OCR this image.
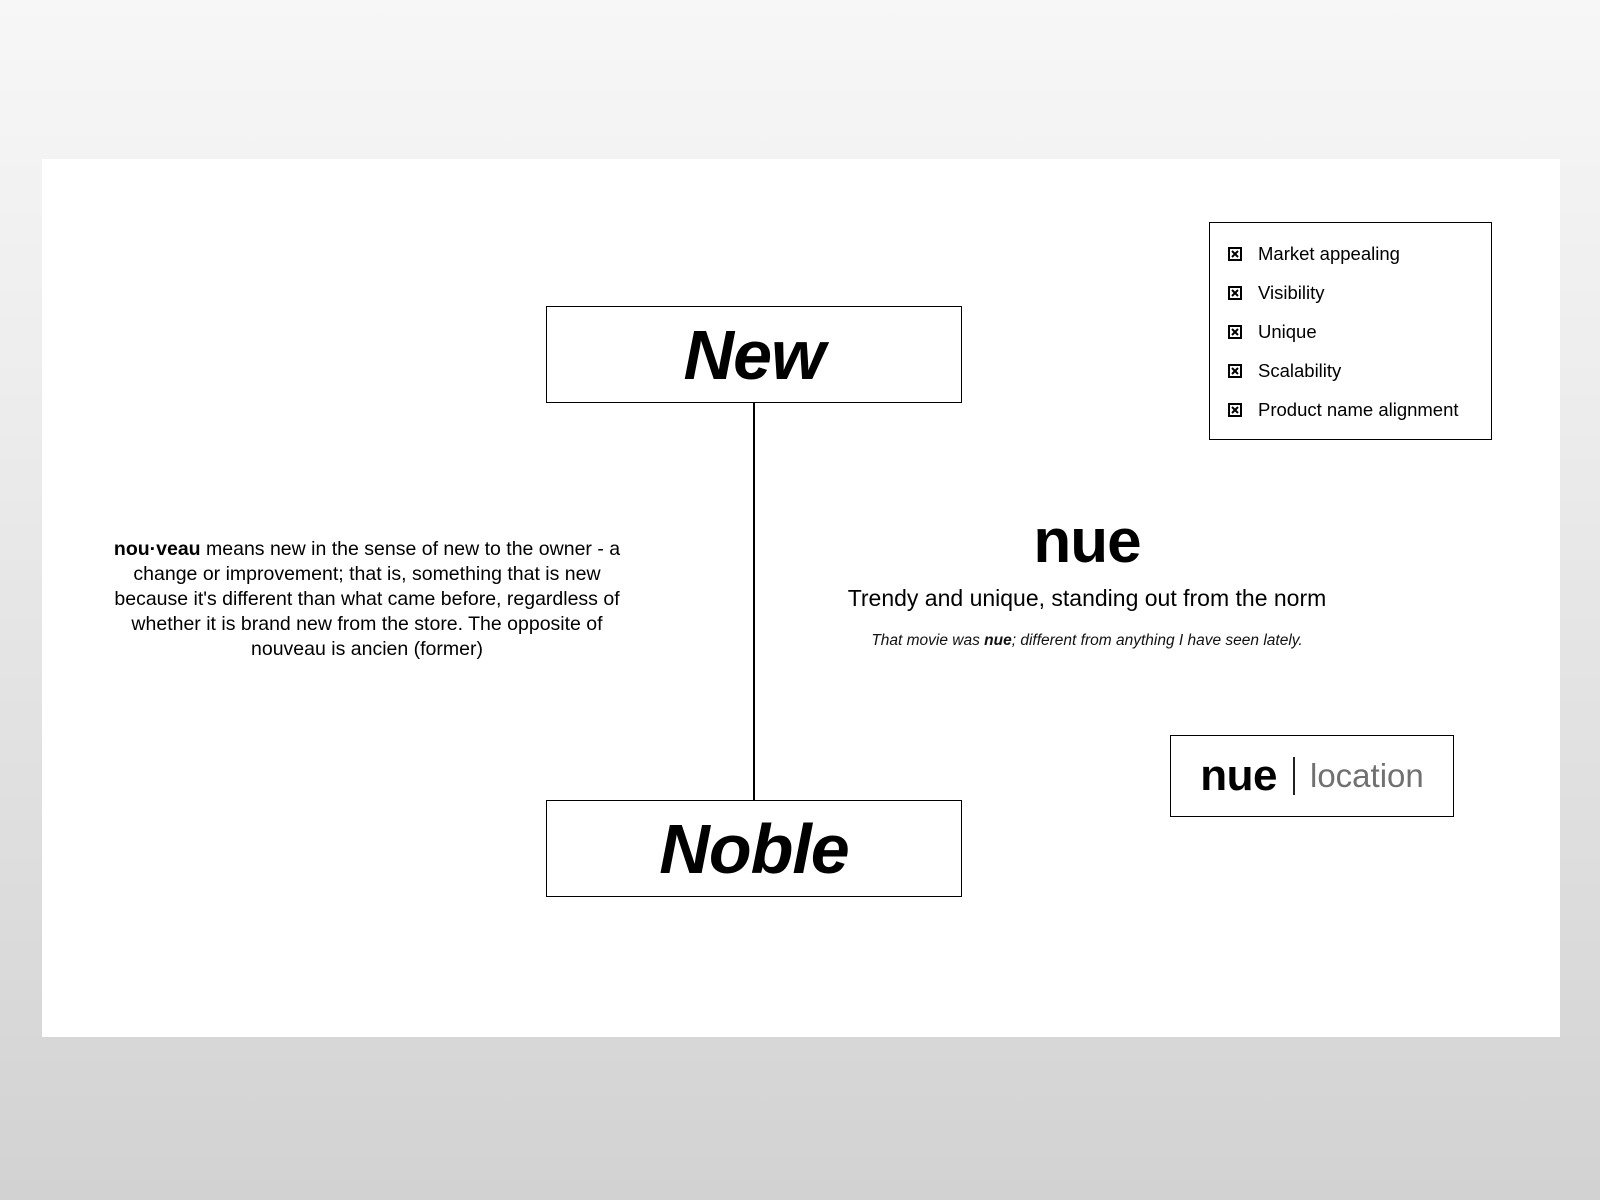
New
Noble
nou·veau means new in the sense of new to the owner - a change or improvement; that is, something that is new because it's different than what came before, regardless of whether it is brand new from the store. The opposite of nouveau is ancien (former)
nue
Trendy and unique, standing out from the norm
That movie was nue; different from anything I have seen lately.
Market appealing
Visibility
Unique
Scalability
Product name alignment
nue location
